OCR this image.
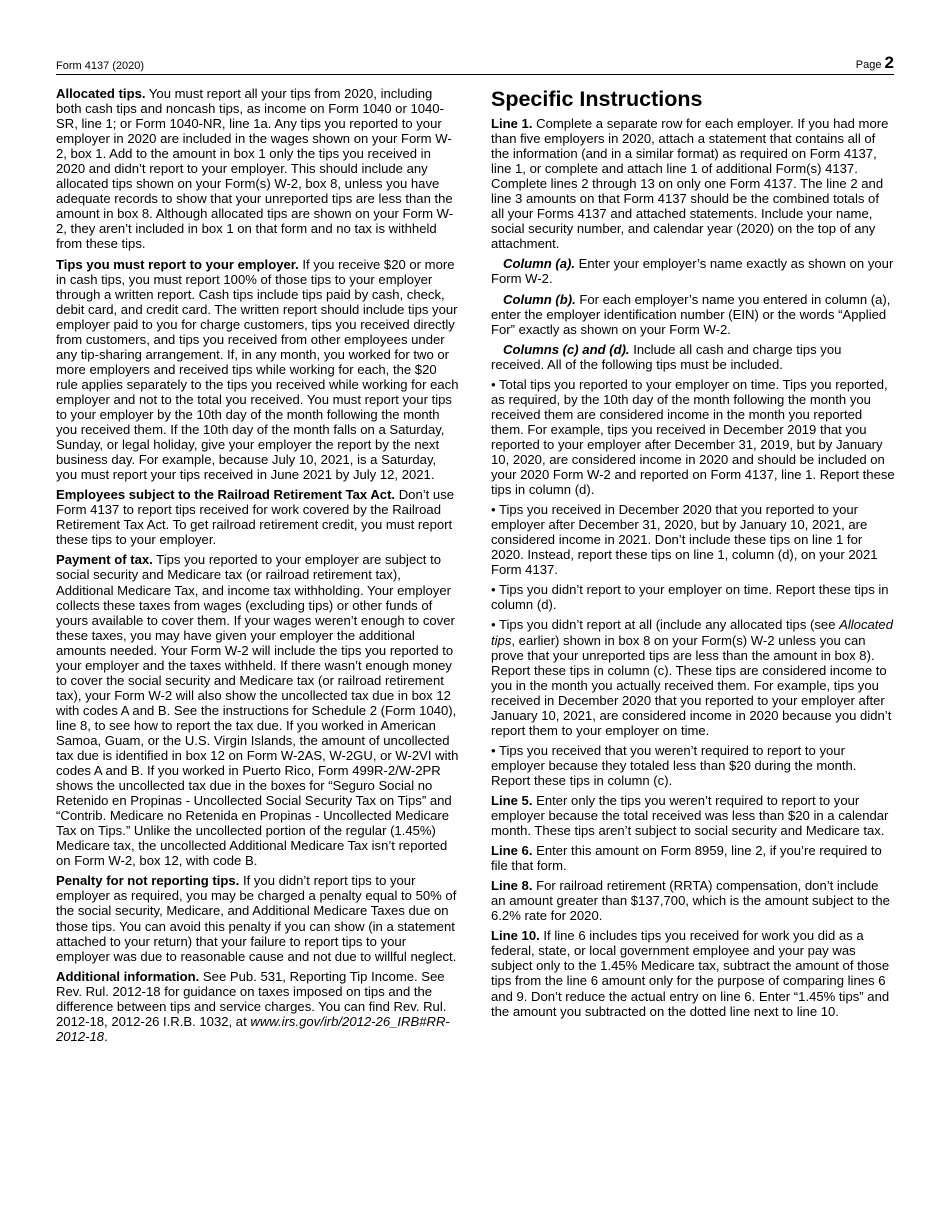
Form 4137 (2020)	Page 2

Allocated tips. You must report all your tips from 2020, including both cash tips and noncash tips, as income on Form 1040 or 1040-SR, line 1; or Form 1040-NR, line 1a. Any tips you reported to your employer in 2020 are included in the wages shown on your Form W-2, box 1. Add to the amount in box 1 only the tips you received in 2020 and didn’t report to your employer. This should include any allocated tips shown on your Form(s) W-2, box 8, unless you have adequate records to show that your unreported tips are less than the amount in box 8. Although allocated tips are shown on your Form W-2, they aren’t included in box 1 on that form and no tax is withheld from these tips.

Tips you must report to your employer. If you receive $20 or more in cash tips, you must report 100% of those tips to your employer through a written report. Cash tips include tips paid by cash, check, debit card, and credit card. The written report should include tips your employer paid to you for charge customers, tips you received directly from customers, and tips you received from other employees under any tip-sharing arrangement. If, in any month, you worked for two or more employers and received tips while working for each, the $20 rule applies separately to the tips you received while working for each employer and not to the total you received. You must report your tips to your employer by the 10th day of the month following the month you received them. If the 10th day of the month falls on a Saturday, Sunday, or legal holiday, give your employer the report by the next business day. For example, because July 10, 2021, is a Saturday, you must report your tips received in June 2021 by July 12, 2021.

Employees subject to the Railroad Retirement Tax Act. Don’t use Form 4137 to report tips received for work covered by the Railroad Retirement Tax Act. To get railroad retirement credit, you must report these tips to your employer.

Payment of tax. Tips you reported to your employer are subject to social security and Medicare tax (or railroad retirement tax), Additional Medicare Tax, and income tax withholding. Your employer collects these taxes from wages (excluding tips) or other funds of yours available to cover them. If your wages weren’t enough to cover these taxes, you may have given your employer the additional amounts needed. Your Form W-2 will include the tips you reported to your employer and the taxes withheld. If there wasn’t enough money to cover the social security and Medicare tax (or railroad retirement tax), your Form W-2 will also show the uncollected tax due in box 12 with codes A and B. See the instructions for Schedule 2 (Form 1040), line 8, to see how to report the tax due. If you worked in American Samoa, Guam, or the U.S. Virgin Islands, the amount of uncollected tax due is identified in box 12 on Form W-2AS, W-2GU, or W-2VI with codes A and B. If you worked in Puerto Rico, Form 499R-2/W-2PR shows the uncollected tax due in the boxes for “Seguro Social no Retenido en Propinas - Uncollected Social Security Tax on Tips” and “Contrib. Medicare no Retenida en Propinas - Uncollected Medicare Tax on Tips.” Unlike the uncollected portion of the regular (1.45%) Medicare tax, the uncollected Additional Medicare Tax isn’t reported on Form W-2, box 12, with code B.

Penalty for not reporting tips. If you didn’t report tips to your employer as required, you may be charged a penalty equal to 50% of the social security, Medicare, and Additional Medicare Taxes due on those tips. You can avoid this penalty if you can show (in a statement attached to your return) that your failure to report tips to your employer was due to reasonable cause and not due to willful neglect.

Additional information. See Pub. 531, Reporting Tip Income. See Rev. Rul. 2012-18 for guidance on taxes imposed on tips and the difference between tips and service charges. You can find Rev. Rul. 2012-18, 2012-26 I.R.B. 1032, at www.irs.gov/irb/2012-26_IRB#RR-2012-18.

Specific Instructions

Line 1. Complete a separate row for each employer. If you had more than five employers in 2020, attach a statement that contains all of the information (and in a similar format) as required on Form 4137, line 1, or complete and attach line 1 of additional Form(s) 4137. Complete lines 2 through 13 on only one Form 4137. The line 2 and line 3 amounts on that Form 4137 should be the combined totals of all your Forms 4137 and attached statements. Include your name, social security number, and calendar year (2020) on the top of any attachment.

Column (a). Enter your employer’s name exactly as shown on your Form W-2.

Column (b). For each employer’s name you entered in column (a), enter the employer identification number (EIN) or the words “Applied For” exactly as shown on your Form W-2.

Columns (c) and (d). Include all cash and charge tips you received. All of the following tips must be included.

• Total tips you reported to your employer on time. Tips you reported, as required, by the 10th day of the month following the month you received them are considered income in the month you reported them. For example, tips you received in December 2019 that you reported to your employer after December 31, 2019, but by January 10, 2020, are considered income in 2020 and should be included on your 2020 Form W-2 and reported on Form 4137, line 1. Report these tips in column (d).

• Tips you received in December 2020 that you reported to your employer after December 31, 2020, but by January 10, 2021, are considered income in 2021. Don’t include these tips on line 1 for 2020. Instead, report these tips on line 1, column (d), on your 2021 Form 4137.

• Tips you didn’t report to your employer on time. Report these tips in column (d).

• Tips you didn’t report at all (include any allocated tips (see Allocated tips, earlier) shown in box 8 on your Form(s) W-2 unless you can prove that your unreported tips are less than the amount in box 8). Report these tips in column (c). These tips are considered income to you in the month you actually received them. For example, tips you received in December 2020 that you reported to your employer after January 10, 2021, are considered income in 2020 because you didn’t report them to your employer on time.

• Tips you received that you weren’t required to report to your employer because they totaled less than $20 during the month. Report these tips in column (c).

Line 5. Enter only the tips you weren’t required to report to your employer because the total received was less than $20 in a calendar month. These tips aren’t subject to social security and Medicare tax.

Line 6. Enter this amount on Form 8959, line 2, if you’re required to file that form.

Line 8. For railroad retirement (RRTA) compensation, don’t include an amount greater than $137,700, which is the amount subject to the 6.2% rate for 2020.

Line 10. If line 6 includes tips you received for work you did as a federal, state, or local government employee and your pay was subject only to the 1.45% Medicare tax, subtract the amount of those tips from the line 6 amount only for the purpose of comparing lines 6 and 9. Don’t reduce the actual entry on line 6. Enter “1.45% tips” and the amount you subtracted on the dotted line next to line 10.
